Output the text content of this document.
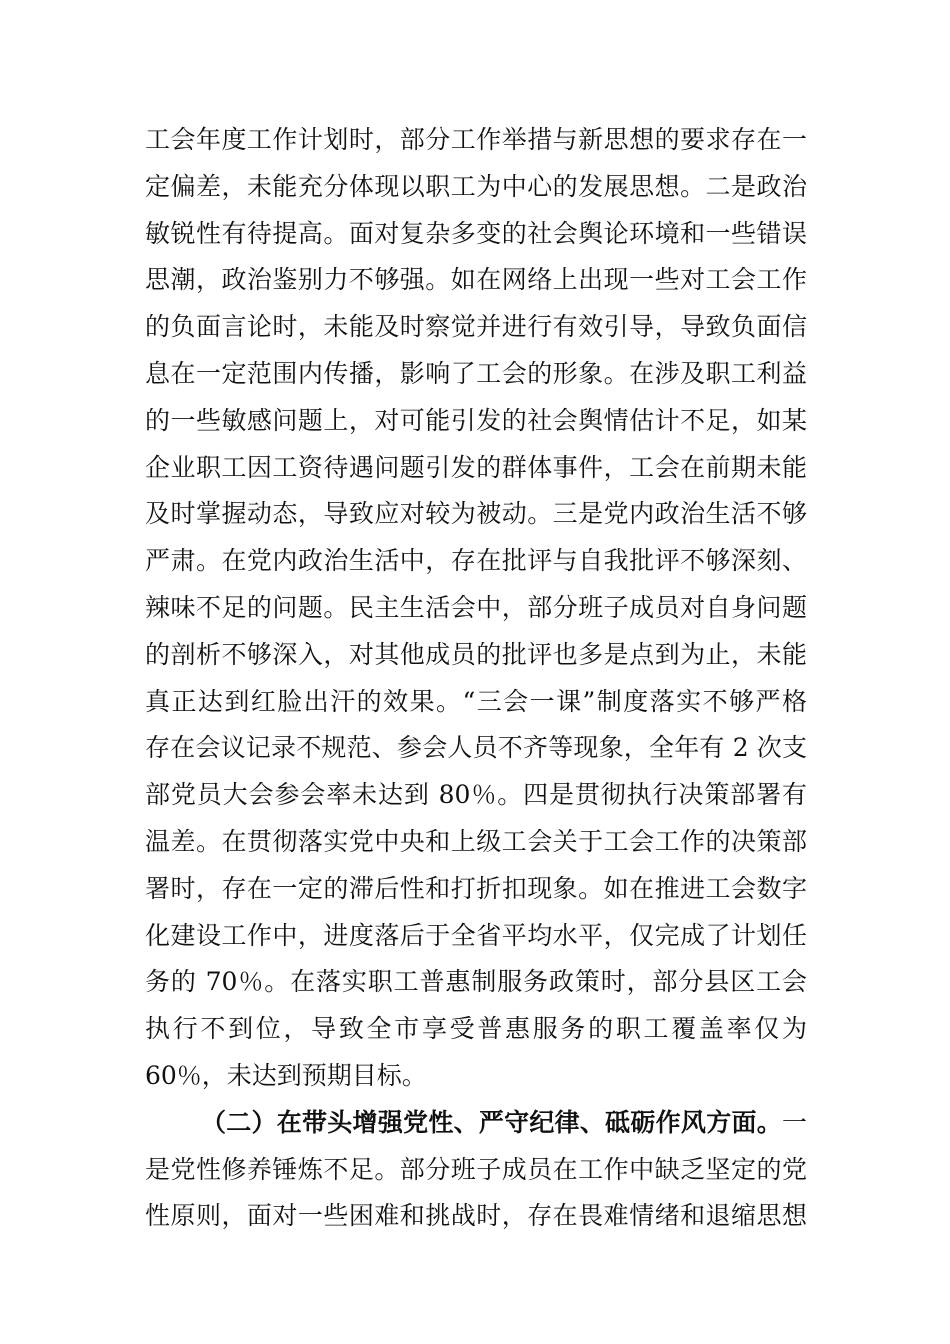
工会年度工作计划时，部分工作举措与新思想的要求存在一
定偏差，未能充分体现以职工为中心的发展思想。二是政治
敏锐性有待提高。面对复杂多变的社会舆论环境和一些错误
思潮，政治鉴别力不够强。如在网络上出现一些对工会工作
的负面言论时，未能及时察觉并进行有效引导，导致负面信
息在一定范围内传播，影响了工会的形象。在涉及职工利益
的一些敏感问题上，对可能引发的社会舆情估计不足，如某
企业职工因工资待遇问题引发的群体事件，工会在前期未能
及时掌握动态，导致应对较为被动。三是党内政治生活不够
严肃。在党内政治生活中，存在批评与自我批评不够深刻、
辣味不足的问题。民主生活会中，部分班子成员对自身问题
的剖析不够深入，对其他成员的批评也多是点到为止，未能
真正达到红脸出汗的效果。“三会一课”制度落实不够严格
存在会议记录不规范、参会人员不齐等现象，全年有 2 次支
部党员大会参会率未达到 80％。四是贯彻执行决策部署有
温差。在贯彻落实党中央和上级工会关于工会工作的决策部
署时，存在一定的滞后性和打折扣现象。如在推进工会数字
化建设工作中，进度落后于全省平均水平，仅完成了计划任
务的 70％。在落实职工普惠制服务政策时，部分县区工会
执行不到位，导致全市享受普惠服务的职工覆盖率仅为
60％，未达到预期目标。
（二）在带头增强党性、严守纪律、砥砺作风方面。一
是党性修养锤炼不足。部分班子成员在工作中缺乏坚定的党
性原则，面对一些困难和挑战时，存在畏难情绪和退缩思想
